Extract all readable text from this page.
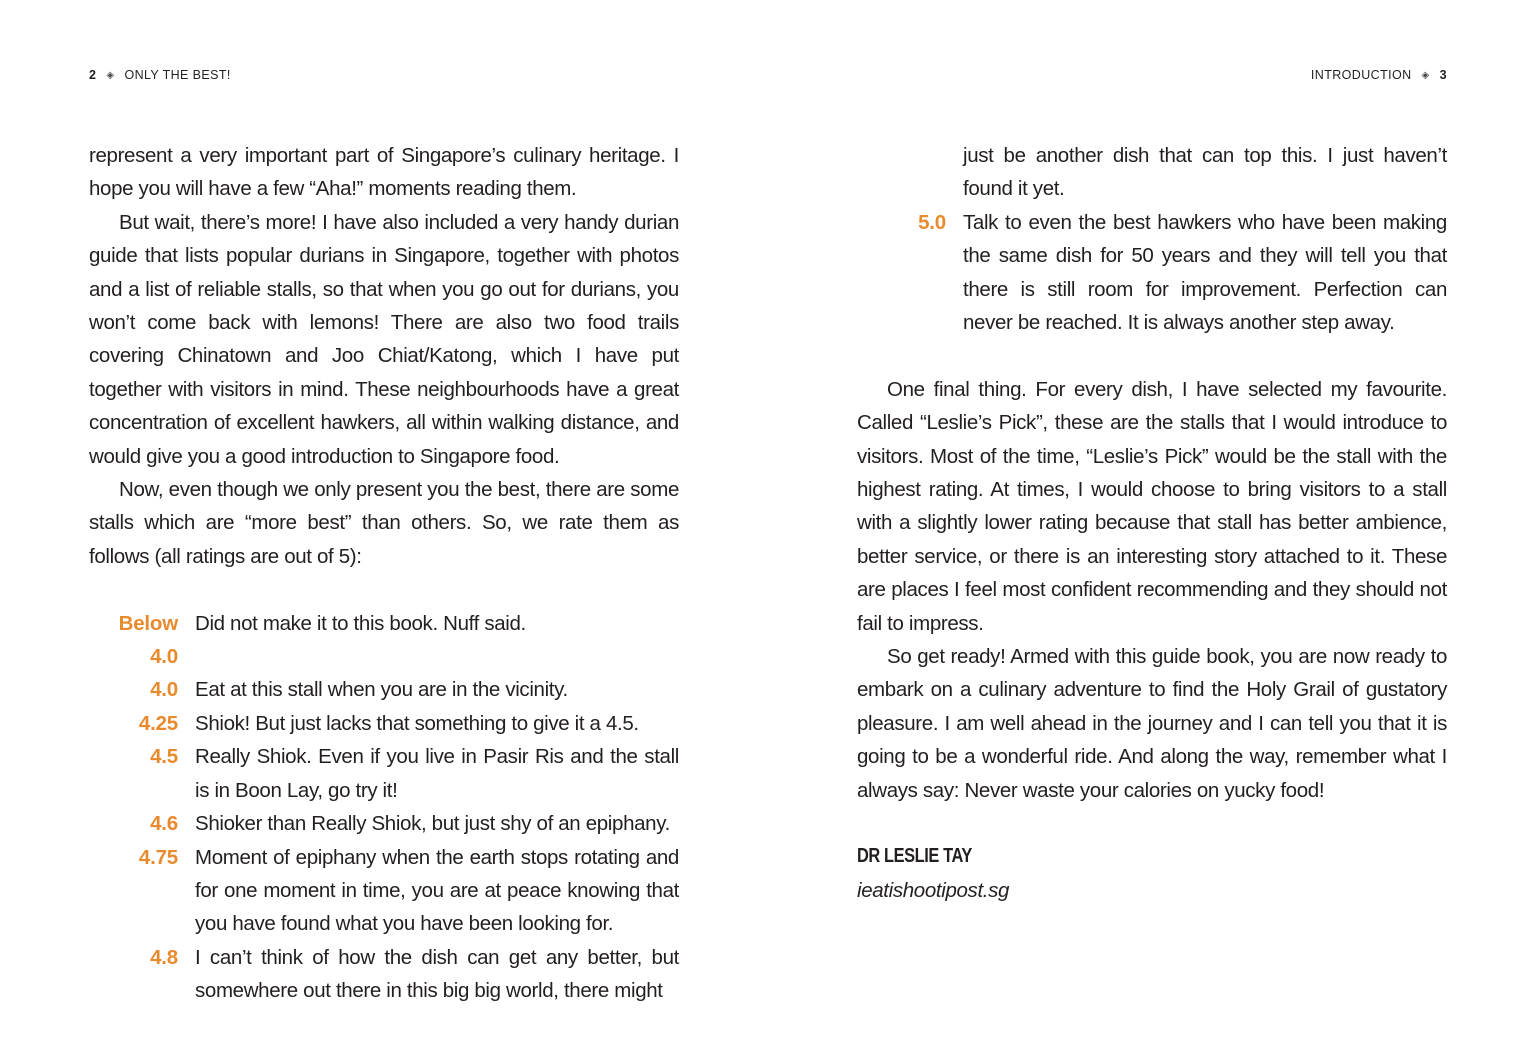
2 ◈ ONLY THE BEST!

represent a very important part of Singapore’s culinary heritage. I hope you will have a few “Aha!” moments reading them.

But wait, there’s more! I have also included a very handy durian guide that lists popular durians in Singapore, together with photos and a list of reliable stalls, so that when you go out for durians, you won’t come back with lemons! There are also two food trails covering Chinatown and Joo Chiat/Katong, which I have put together with visitors in mind. These neighbourhoods have a great concentration of excellent hawkers, all within walking distance, and would give you a good introduction to Singapore food.

Now, even though we only present you the best, there are some stalls which are “more best” than others. So, we rate them as follows (all ratings are out of 5):

Below 4.0
Did not make it to this book. Nuff said.
4.0 Eat at this stall when you are in the vicinity.
4.25 Shiok! But just lacks that something to give it a 4.5.
4.5 Really Shiok. Even if you live in Pasir Ris and the stall is in Boon Lay, go try it!
4.6 Shioker than Really Shiok, but just shy of an epiphany.
4.75 Moment of epiphany when the earth stops rotating and for one moment in time, you are at peace knowing that you have found what you have been looking for.
4.8 I can’t think of how the dish can get any better, but somewhere out there in this big big world, there might
INTRODUCTION ◈ 3
just be another dish that can top this. I just haven’t found it yet.
5.0 Talk to even the best hawkers who have been making the same dish for 50 years and they will tell you that there is still room for improvement. Perfection can never be reached. It is always another step away.

One final thing. For every dish, I have selected my favourite. Called “Leslie’s Pick”, these are the stalls that I would introduce to visitors. Most of the time, “Leslie’s Pick” would be the stall with the highest rating. At times, I would choose to bring visitors to a stall with a slightly lower rating because that stall has better ambience, better service, or there is an interesting story attached to it. These are places I feel most confident recommending and they should not fail to impress.

So get ready! Armed with this guide book, you are now ready to embark on a culinary adventure to find the Holy Grail of gustatory pleasure. I am well ahead in the journey and I can tell you that it is going to be a wonderful ride. And along the way, remember what I always say: Never waste your calories on yucky food!

DR LESLIE TAY
ieatishootipost.sg
